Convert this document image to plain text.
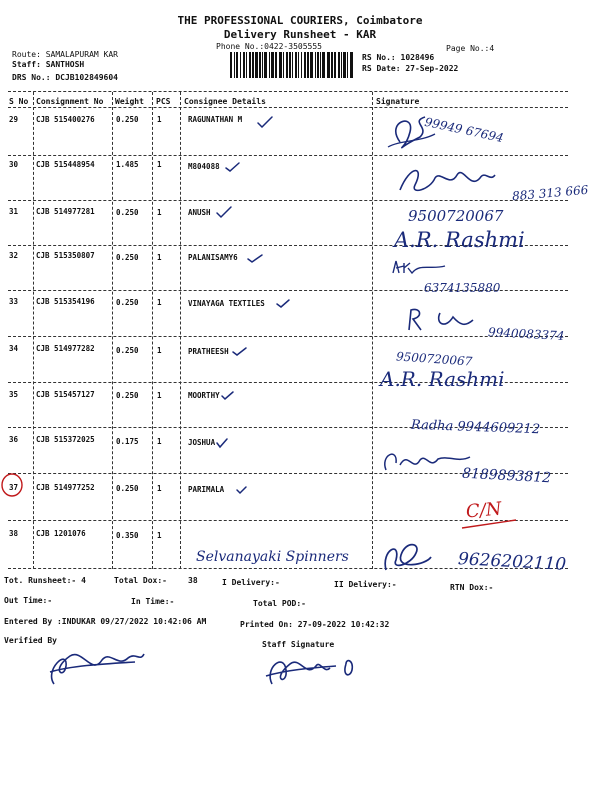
THE PROFESSIONAL COURIERS, Coimbatore
Delivery Runsheet - KAR
Phone No.:0422-3505555	Page No.:4
Route: SAMALAPURAM KAR
Staff: SANTHOSH
DRS No.: DCJB102849604
RS No.: 1028496
RS Date: 27-Sep-2022
S No Consignment No Weight PCS Consignee Details	Signature
29 CJB 515400276	0.250 1	RAGUNATHAN M
30 CJB 515448954	1.485 1	M804088
31 CJB 514977281	0.250 1	ANUSH
32 CJB 515350807	0.250 1	PALANISAMY6
33 CJB 515354196	0.250 1	VINAYAGA TEXTILES
34 CJB 514977282	0.250 1	PRATHEESH
35 CJB 515457127	0.250 1	MOORTHY
36 CJB 515372025	0.175 1	JOSHUA
37 CJB 514977252	0.250 1	PARIMALA
38 CJB 1201076	0.350 1
99949 67694
883 313 666
9500720067
A.R. Rashmi
6374135880
9940083374
9500720067
A.R. Rashmi
Radha 9944609212
8189893812
C/N
Selvanayaki Spinners	9626202110
Tot. Runsheet:- 4	Total Dox:-	38	I Delivery:-	II Delivery:-	RTN Dox:-
Out Time:-	In Time:-	Total POD:-
Entered By :INDUKAR 09/27/2022 10:42:06 AM	Printed On: 27-09-2022 10:42:32
Verified By	Staff Signature
